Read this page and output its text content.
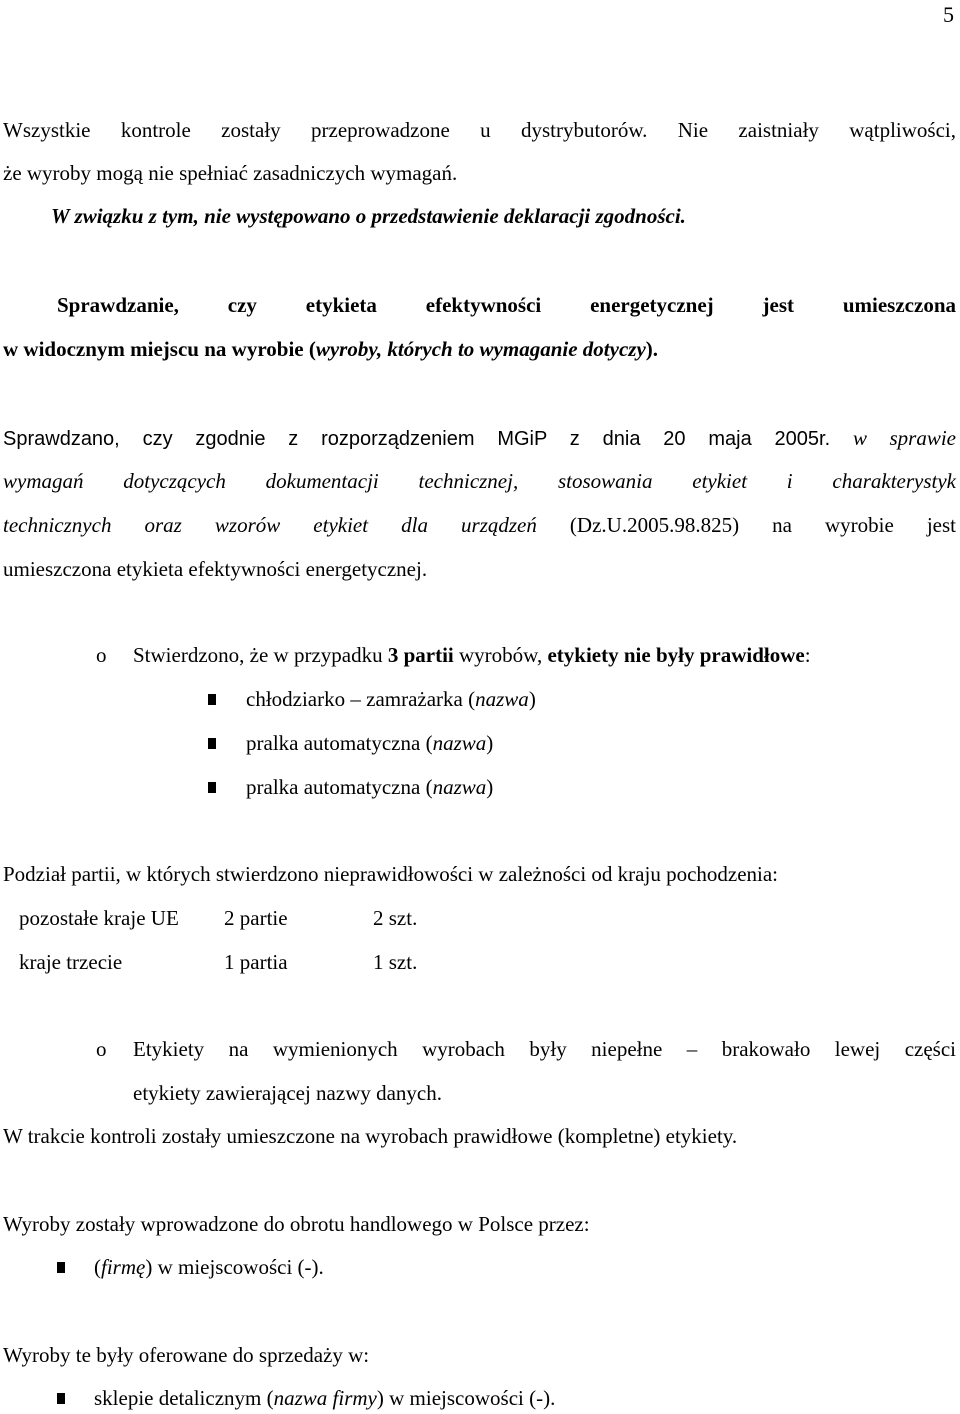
5
Wszystkie kontrole zostały przeprowadzone u dystrybutorów. Nie zaistniały wątpliwości,
że wyroby mogą nie spełniać zasadniczych wymagań.
W związku z tym, nie występowano o przedstawienie deklaracji zgodności.
Sprawdzanie, czy etykieta efektywności energetycznej jest umieszczona
w widocznym miejscu na wyrobie (wyroby, których to wymaganie dotyczy).
Sprawdzano, czy zgodnie z rozporządzeniem MGiP z dnia 20 maja 2005r. w sprawie
wymagań dotyczących dokumentacji technicznej, stosowania etykiet i charakterystyk
technicznych oraz wzorów etykiet dla urządzeń (Dz.U.2005.98.825) na wyrobie jest
umieszczona etykieta efektywności energetycznej.
o Stwierdzono, że w przypadku 3 partii wyrobów, etykiety nie były prawidłowe:
chłodziarko – zamrażarka (nazwa)
pralka automatyczna (nazwa)
pralka automatyczna (nazwa)
Podział partii, w których stwierdzono nieprawidłowości w zależności od kraju pochodzenia:
pozostałe kraje UE 2 partie	2 szt.
kraje trzecie	1 partia	1 szt.
o Etykiety na wymienionych wyrobach były niepełne – brakowało lewej części
etykiety zawierającej nazwy danych.
W trakcie kontroli zostały umieszczone na wyrobach prawidłowe (kompletne) etykiety.
Wyroby zostały wprowadzone do obrotu handlowego w Polsce przez:
(firmę) w miejscowości (-).
Wyroby te były oferowane do sprzedaży w:
sklepie detalicznym (nazwa firmy) w miejscowości (-).
